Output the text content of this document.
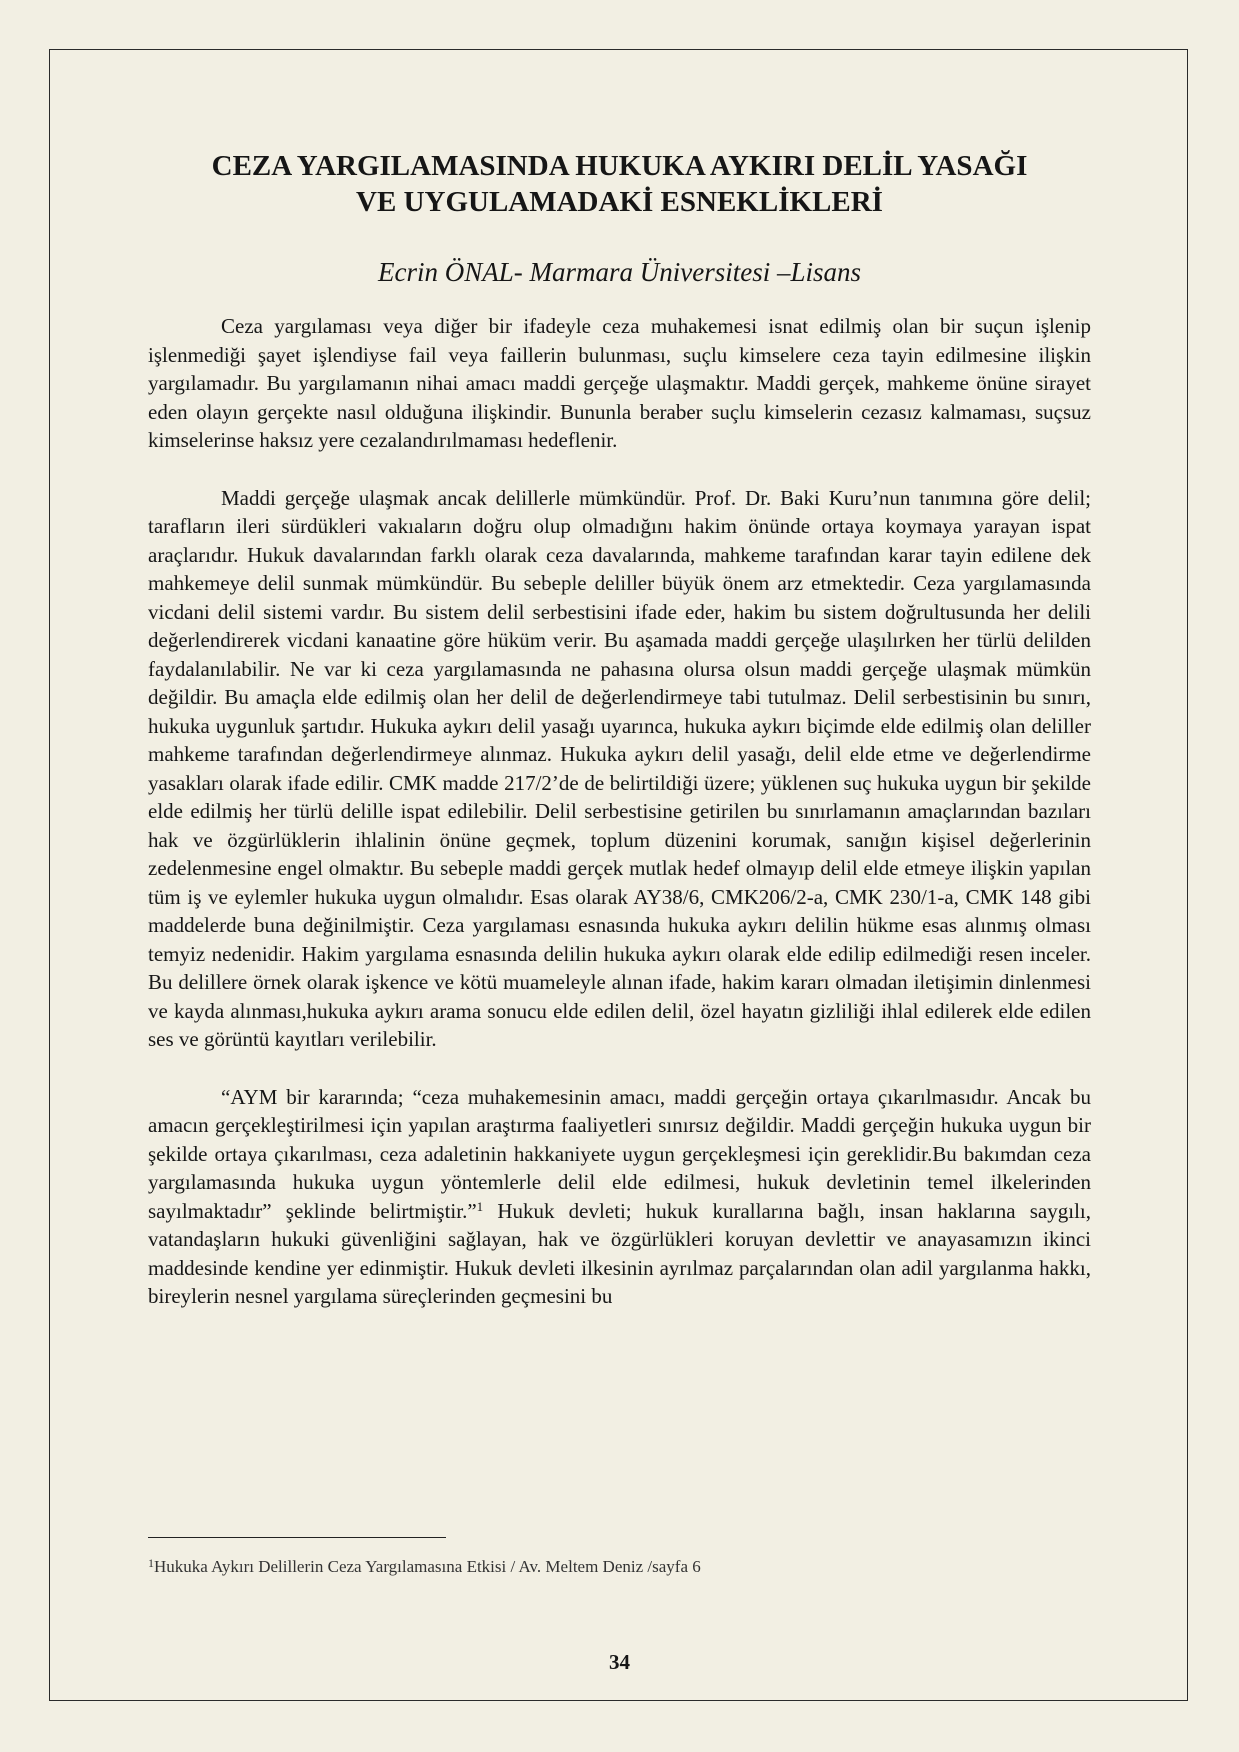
CEZA YARGILAMASINDA HUKUKA AYKIRI DELİL YASAĞI
VE UYGULAMADAKİ ESNEKLİKLERİ

Ecrin ÖNAL- Marmara Üniversitesi –Lisans

Ceza yargılaması veya diğer bir ifadeyle ceza muhakemesi isnat edilmiş olan bir suçun işlenip işlenmediği şayet işlendiyse fail veya faillerin bulunması, suçlu kimselere ceza tayin edilmesine ilişkin yargılamadır. Bu yargılamanın nihai amacı maddi gerçeğe ulaşmaktır. Maddi gerçek, mahkeme önüne sirayet eden olayın gerçekte nasıl olduğuna ilişkindir. Bununla beraber suçlu kimselerin cezasız kalmaması, suçsuz kimselerinse haksız yere cezalandırılmaması hedeflenir.

Maddi gerçeğe ulaşmak ancak delillerle mümkündür. Prof. Dr. Baki Kuru’nun tanımına göre delil; tarafların ileri sürdükleri vakıaların doğru olup olmadığını hakim önünde ortaya koymaya yarayan ispat araçlarıdır. Hukuk davalarından farklı olarak ceza davalarında, mahkeme tarafından karar tayin edilene dek mahkemeye delil sunmak mümkündür. Bu sebeple deliller büyük önem arz etmektedir. Ceza yargılamasında vicdani delil sistemi vardır. Bu sistem delil serbestisini ifade eder, hakim bu sistem doğrultusunda her delili değerlendirerek vicdani kanaatine göre hüküm verir. Bu aşamada maddi gerçeğe ulaşılırken her türlü delilden faydalanılabilir. Ne var ki ceza yargılamasında ne pahasına olursa olsun maddi gerçeğe ulaşmak mümkün değildir. Bu amaçla elde edilmiş olan her delil de değerlendirmeye tabi tutulmaz. Delil serbestisinin bu sınırı, hukuka uygunluk şartıdır. Hukuka aykırı delil yasağı uyarınca, hukuka aykırı biçimde elde edilmiş olan deliller mahkeme tarafından değerlendirmeye alınmaz. Hukuka aykırı delil yasağı, delil elde etme ve değerlendirme yasakları olarak ifade edilir. CMK madde 217/2’de de belirtildiği üzere; yüklenen suç hukuka uygun bir şekilde elde edilmiş her türlü delille ispat edilebilir. Delil serbestisine getirilen bu sınırlamanın amaçlarından bazıları hak ve özgürlüklerin ihlalinin önüne geçmek, toplum düzenini korumak, sanığın kişisel değerlerinin zedelenmesine engel olmaktır. Bu sebeple maddi gerçek mutlak hedef olmayıp delil elde etmeye ilişkin yapılan tüm iş ve eylemler hukuka uygun olmalıdır. Esas olarak AY38/6, CMK206/2-a, CMK 230/1-a, CMK 148 gibi maddelerde buna değinilmiştir. Ceza yargılaması esnasında hukuka aykırı delilin hükme esas alınmış olması temyiz nedenidir. Hakim yargılama esnasında delilin hukuka aykırı olarak elde edilip edilmediği resen inceler. Bu delillere örnek olarak işkence ve kötü muameleyle alınan ifade, hakim kararı olmadan iletişimin dinlenmesi ve kayda alınması,hukuka aykırı arama sonucu elde edilen delil, özel hayatın gizliliği ihlal edilerek elde edilen ses ve görüntü kayıtları verilebilir.

“AYM bir kararında; “ceza muhakemesinin amacı, maddi gerçeğin ortaya çıkarılmasıdır. Ancak bu amacın gerçekleştirilmesi için yapılan araştırma faaliyetleri sınırsız değildir. Maddi gerçeğin hukuka uygun bir şekilde ortaya çıkarılması, ceza adaletinin hakkaniyete uygun gerçekleşmesi için gereklidir.Bu bakımdan ceza yargılamasında hukuka uygun yöntemlerle delil elde edilmesi, hukuk devletinin temel ilkelerinden sayılmaktadır” şeklinde belirtmiştir.”$^1$ Hukuk devleti; hukuk kurallarına bağlı, insan haklarına saygılı, vatandaşların hukuki güvenliğini sağlayan, hak ve özgürlükleri koruyan devlettir ve anayasamızın ikinci maddesinde kendine yer edinmiştir. Hukuk devleti ilkesinin ayrılmaz parçalarından olan adil yargılanma hakkı, bireylerin nesnel yargılama süreçlerinden geçmesini bu

$^1$Hukuka Aykırı Delillerin Ceza Yargılamasına Etkisi / Av. Meltem Deniz /sayfa 6

34
